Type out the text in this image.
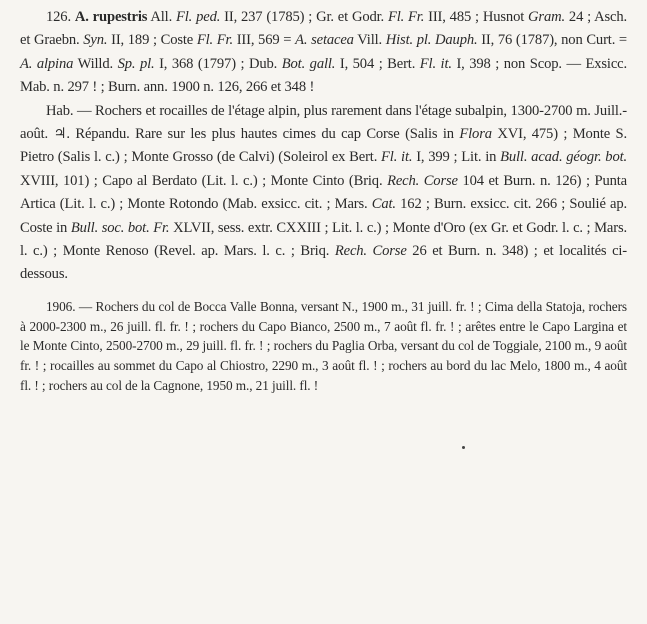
126. A. rupestris All. Fl. ped. II, 237 (1785) ; Gr. et Godr. Fl. Fr. III, 485 ; Husnot Gram. 24 ; Asch. et Graebn. Syn. II, 189 ; Coste Fl. Fr. III, 569 = A. setacea Vill. Hist. pl. Dauph. II, 76 (1787), non Curt. = A. alpina Willd. Sp. pl. I, 368 (1797) ; Dub. Bot. gall. I, 504 ; Bert. Fl. it. I, 398 ; non Scop. — Exsicc. Mab. n. 297 ! ; Burn. ann. 1900 n. 126, 266 et 348 !

Hab. — Rochers et rocailles de l'étage alpin, plus rarement dans l'étage subalpin, 1300-2700 m. Juill.-août. ♃. Répandu. Rare sur les plus hautes cimes du cap Corse (Salis in Flora XVI, 475) ; Monte S. Pietro (Salis l. c.) ; Monte Grosso (de Calvi) (Soleirol ex Bert. Fl. it. I, 399 ; Lit. in Bull. acad. géogr. bot. XVIII, 101) ; Capo al Berdato (Lit. l. c.) ; Monte Cinto (Briq. Rech. Corse 104 et Burn. n. 126) ; Punta Artica (Lit. l. c.) ; Monte Rotondo (Mab. exsicc. cit. ; Mars. Cat. 162 ; Burn. exsicc. cit. 266 ; Soulié ap. Coste in Bull. soc. bot. Fr. XLVII, sess. extr. CXXIII ; Lit. l. c.) ; Monte d'Oro (ex Gr. et Godr. l. c. ; Mars. l. c.) ; Monte Renoso (Revel. ap. Mars. l. c. ; Briq. Rech. Corse 26 et Burn. n. 348) ; et localités ci-dessous.

1906. — Rochers du col de Bocca Valle Bonna, versant N., 1900 m., 31 juill. fr. ! ; Cima della Statoja, rochers à 2000-2300 m., 26 juill. fl. fr. ! ; rochers du Capo Bianco, 2500 m., 7 août fl. fr. ! ; arêtes entre le Capo Largina et le Monte Cinto, 2500-2700 m., 29 juill. fl. fr. ! ; rochers du Paglia Orba, versant du col de Toggiale, 2100 m., 9 août fr. ! ; rocailles au sommet du Capo al Chiostro, 2290 m., 3 août fl. ! ; rochers au bord du lac Melo, 1800 m., 4 août fl. ! ; rochers au col de la Cagnone, 1950 m., 21 juill. fl. !
